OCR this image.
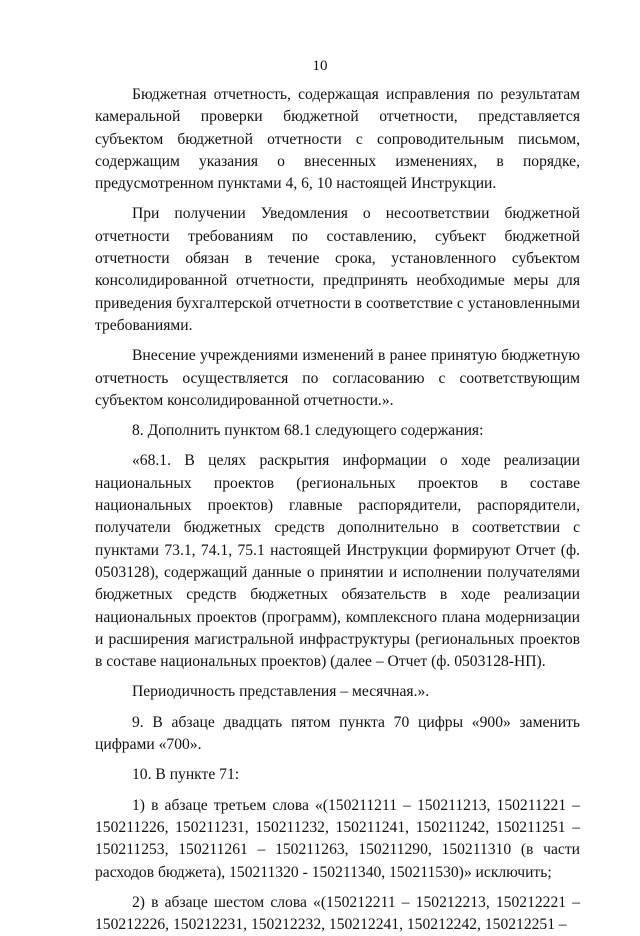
10

Бюджетная отчетность, содержащая исправления по результатам камеральной проверки бюджетной отчетности, представляется субъектом бюджетной отчетности с сопроводительным письмом, содержащим указания о внесенных изменениях, в порядке, предусмотренном пунктами 4, 6, 10 настоящей Инструкции.

При получении Уведомления о несоответствии бюджетной отчетности требованиям по составлению, субъект бюджетной отчетности обязан в течение срока, установленного субъектом консолидированной отчетности, предпринять необходимые меры для приведения бухгалтерской отчетности в соответствие с установленными требованиями.

Внесение учреждениями изменений в ранее принятую бюджетную отчетность осуществляется по согласованию с соответствующим субъектом консолидированной отчетности.».

8. Дополнить пунктом 68.1 следующего содержания:

«68.1. В целях раскрытия информации о ходе реализации национальных проектов (региональных проектов в составе национальных проектов) главные распорядители, распорядители, получатели бюджетных средств дополнительно в соответствии с пунктами 73.1, 74.1, 75.1 настоящей Инструкции формируют Отчет (ф. 0503128), содержащий данные о принятии и исполнении получателями бюджетных средств бюджетных обязательств в ходе реализации национальных проектов (программ), комплексного плана модернизации и расширения магистральной инфраструктуры (региональных проектов в составе национальных проектов) (далее – Отчет (ф. 0503128-НП).

Периодичность представления – месячная.».

9. В абзаце двадцать пятом пункта 70 цифры «900» заменить цифрами «700».

10. В пункте 71:

1) в абзаце третьем слова «(150211211 – 150211213, 150211221 – 150211226, 150211231, 150211232, 150211241, 150211242, 150211251 – 150211253, 150211261 – 150211263, 150211290, 150211310 (в части расходов бюджета), 150211320 - 150211340, 150211530)» исключить;

2) в абзаце шестом слова «(150212211 – 150212213, 150212221 – 150212226, 150212231, 150212232, 150212241, 150212242, 150212251 –
